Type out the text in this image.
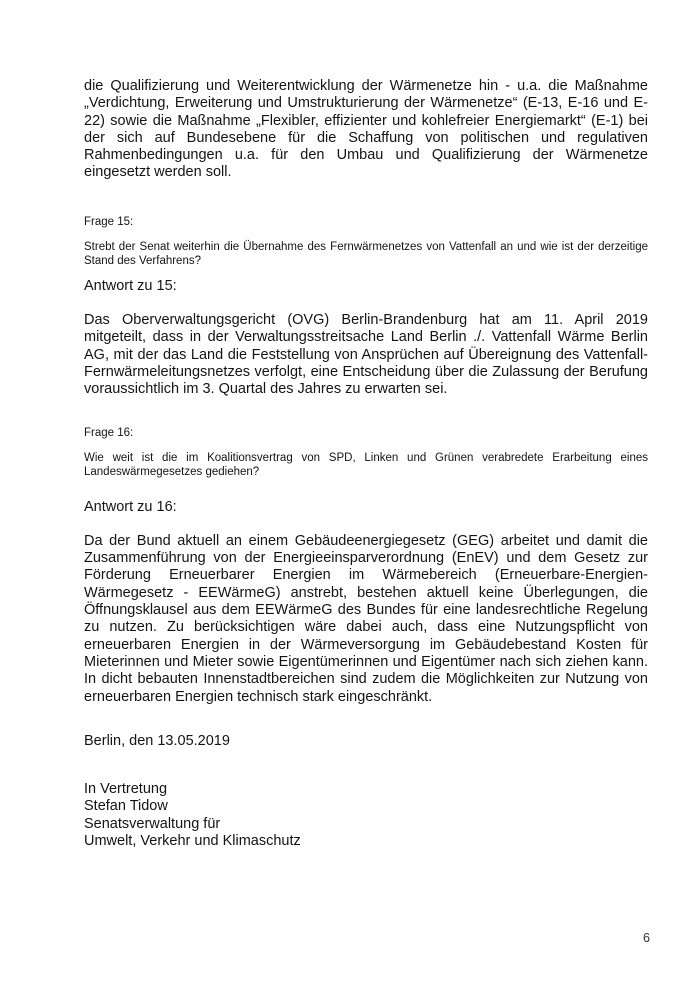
die Qualifizierung und Weiterentwicklung der Wärmenetze hin - u.a. die Maßnahme „Verdichtung, Erweiterung und Umstrukturierung der Wärmenetze“ (E-13, E-16 und E-22) sowie die Maßnahme „Flexibler, effizienter und kohlefreier Energiemarkt“ (E-1) bei der sich auf Bundesebene für die Schaffung von politischen und regulativen Rahmenbedingungen u.a. für den Umbau und Qualifizierung der Wärmenetze eingesetzt werden soll.

Frage 15:

Strebt der Senat weiterhin die Übernahme des Fernwärmenetzes von Vattenfall an und wie ist der derzeitige Stand des Verfahrens?

Antwort zu 15:

Das Oberverwaltungsgericht (OVG) Berlin-Brandenburg hat am 11. April 2019 mitgeteilt, dass in der Verwaltungsstreitsache Land Berlin ./. Vattenfall Wärme Berlin AG, mit der das Land die Feststellung von Ansprüchen auf Übereignung des Vattenfall-Fernwärmeleitungsnetzes verfolgt, eine Entscheidung über die Zulassung der Berufung voraussichtlich im 3. Quartal des Jahres zu erwarten sei.

Frage 16:

Wie weit ist die im Koalitionsvertrag von SPD, Linken und Grünen verabredete Erarbeitung eines Landeswärmegesetzes gediehen?

Antwort zu 16:

Da der Bund aktuell an einem Gebäudeenergiegesetz (GEG) arbeitet und damit die Zusammenführung von der Energieeinsparverordnung (EnEV) und dem Gesetz zur Förderung Erneuerbarer Energien im Wärmebereich (Erneuerbare-Energien-Wärmegesetz - EEWärmeG) anstrebt, bestehen aktuell keine Überlegungen, die Öffnungsklausel aus dem EEWärmeG des Bundes für eine landesrechtliche Regelung zu nutzen. Zu berücksichtigen wäre dabei auch, dass eine Nutzungspflicht von erneuerbaren Energien in der Wärmeversorgung im Gebäudebestand Kosten für Mieterinnen und Mieter sowie Eigentümerinnen und Eigentümer nach sich ziehen kann. In dicht bebauten Innenstadtbereichen sind zudem die Möglichkeiten zur Nutzung von erneuerbaren Energien technisch stark eingeschränkt.

Berlin, den 13.05.2019

In Vertretung

Stefan Tidow

Senatsverwaltung für

Umwelt, Verkehr und Klimaschutz

6
